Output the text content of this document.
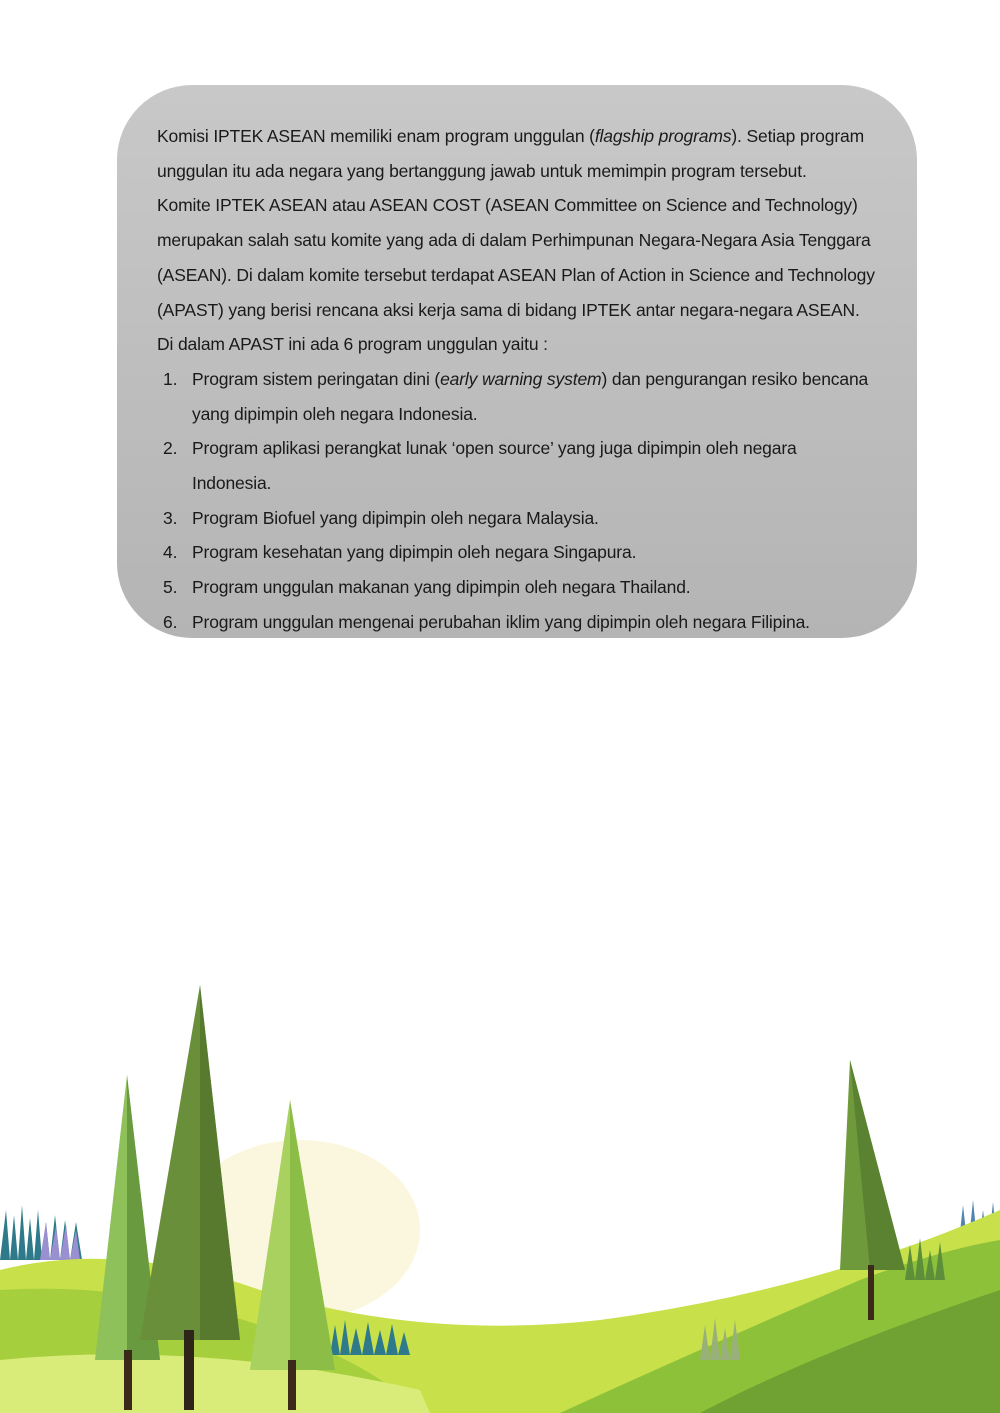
Komisi IPTEK ASEAN memiliki enam program unggulan (flagship programs). Setiap program unggulan itu ada negara yang bertanggung jawab untuk memimpin program tersebut.

Komite IPTEK ASEAN atau ASEAN COST (ASEAN Committee on Science and Technology) merupakan salah satu komite yang ada di dalam Perhimpunan Negara-Negara Asia Tenggara (ASEAN). Di dalam komite tersebut terdapat ASEAN Plan of Action in Science and Technology (APAST) yang berisi rencana aksi kerja sama di bidang IPTEK antar negara-negara ASEAN.

Di dalam APAST ini ada 6 program unggulan yaitu :

1. Program sistem peringatan dini (early warning system) dan pengurangan resiko bencana yang dipimpin oleh negara Indonesia.
2. Program aplikasi perangkat lunak ‘open source’ yang juga dipimpin oleh negara Indonesia.
3. Program Biofuel yang dipimpin oleh negara Malaysia.
4. Program kesehatan yang dipimpin oleh negara Singapura.
5. Program unggulan makanan yang dipimpin oleh negara Thailand.
6. Program unggulan mengenai perubahan iklim yang dipimpin oleh negara Filipina.
